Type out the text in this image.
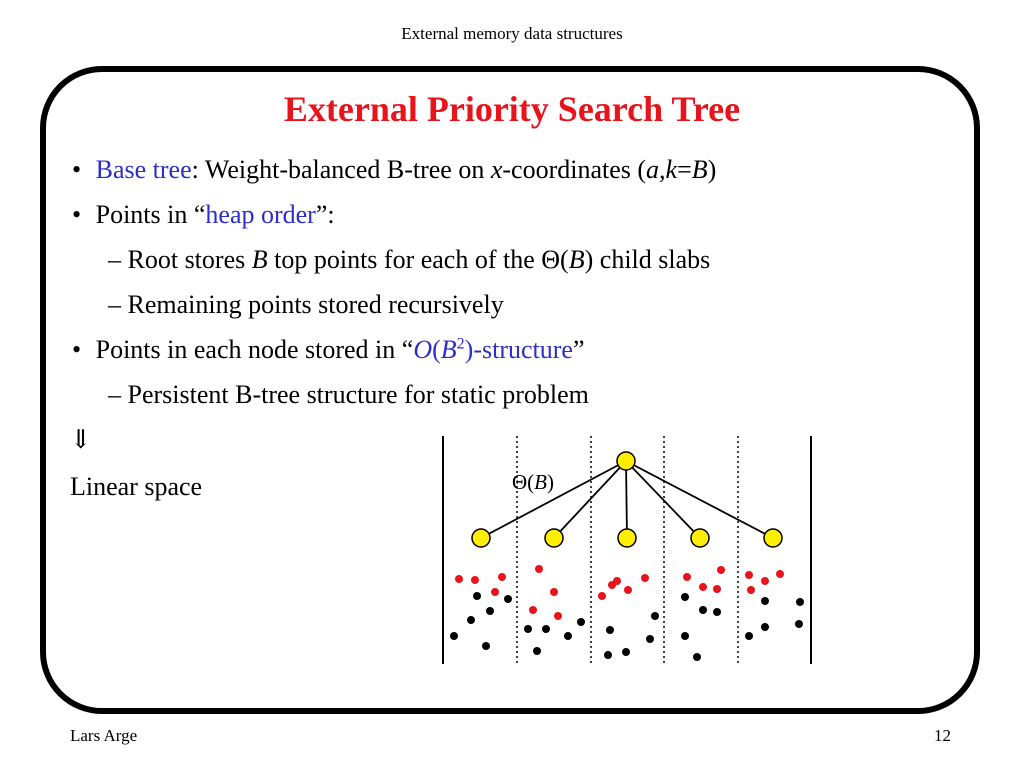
External memory data structures
External Priority Search Tree
• Base tree: Weight-balanced B-tree on x-coordinates (a,k=B)
• Points in “heap order”:
– Root stores B top points for each of the Θ(B) child slabs
– Remaining points stored recursively
• Points in each node stored in “$O(B^2)$-structure”
– Persistent B-tree structure for static problem
⇓
Linear space	Θ(B)
Lars Arge	12
